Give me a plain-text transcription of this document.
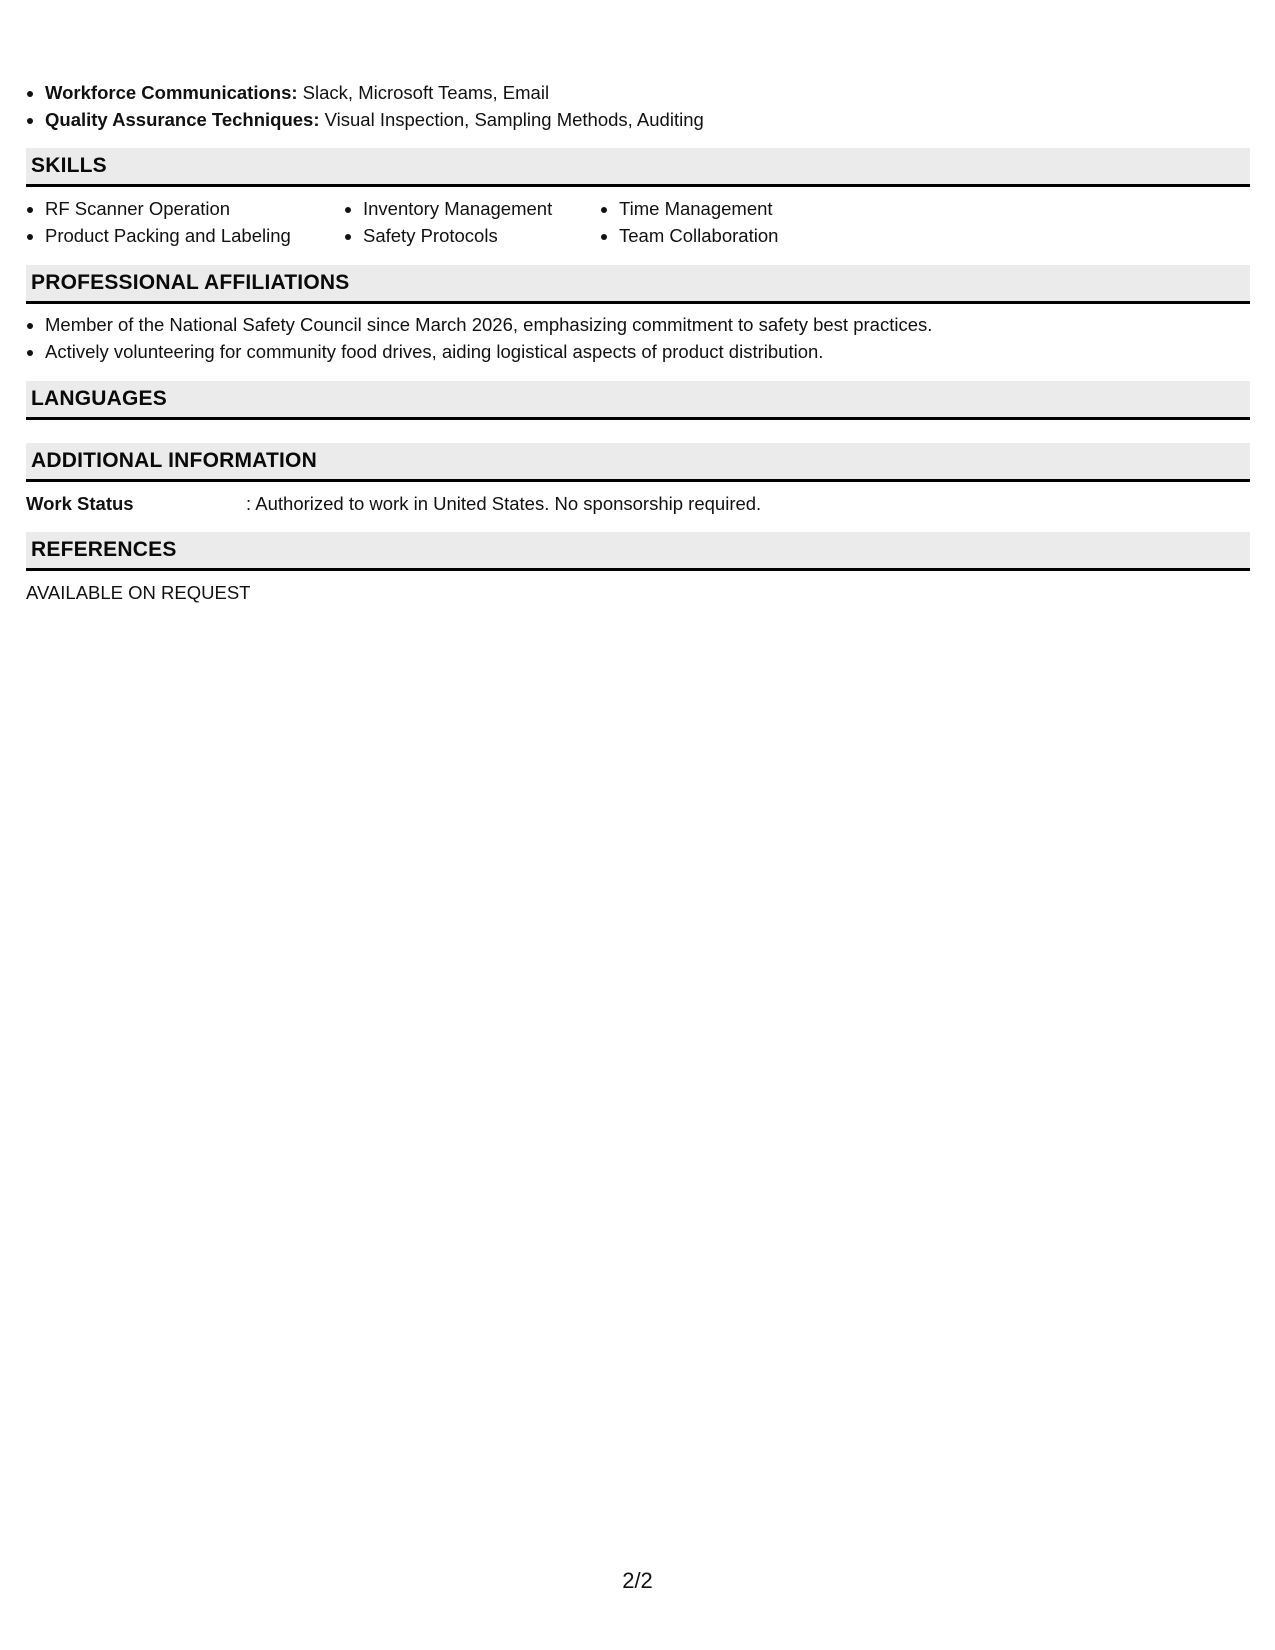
• Workforce Communications: Slack, Microsoft Teams, Email
• Quality Assurance Techniques: Visual Inspection, Sampling Methods, Auditing
SKILLS
• RF Scanner Operation
• Product Packing and Labeling
• Inventory Management
• Safety Protocols
• Time Management
• Team Collaboration
PROFESSIONAL AFFILIATIONS
• Member of the National Safety Council since March 2026, emphasizing commitment to safety best practices.
• Actively volunteering for community food drives, aiding logistical aspects of product distribution.
LANGUAGES
ADDITIONAL INFORMATION
Work Status	: Authorized to work in United States. No sponsorship required.
REFERENCES
AVAILABLE ON REQUEST
2/2
